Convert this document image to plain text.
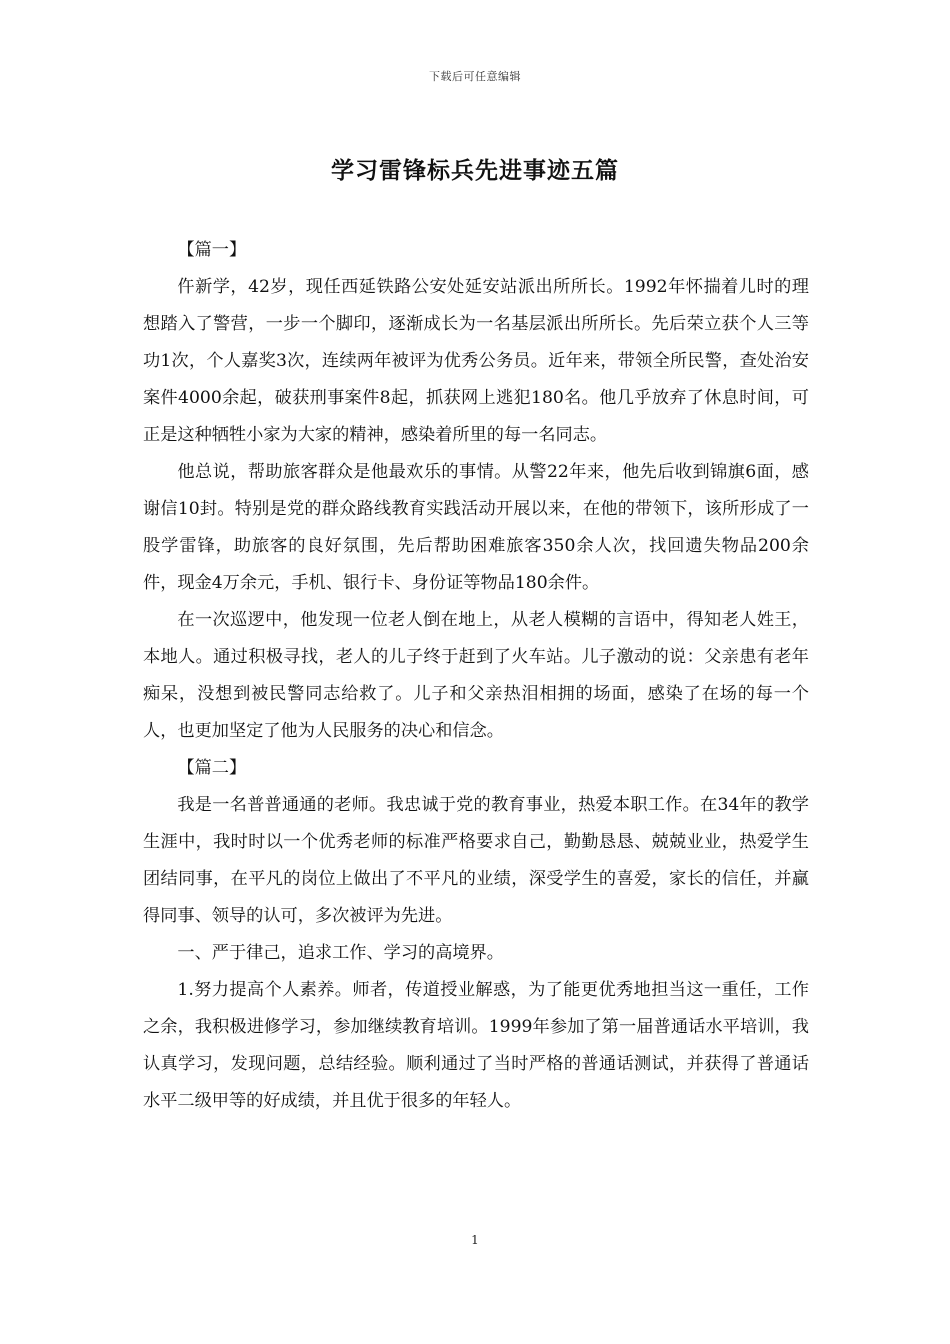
下载后可任意编辑
学习雷锋标兵先进事迹五篇

【篇一】

仵新学，42岁，现任西延铁路公安处延安站派出所所长。1992年怀揣着儿时的理想踏入了警营，一步一个脚印，逐渐成长为一名基层派出所所长。先后荣立获个人三等功1次，个人嘉奖3次，连续两年被评为优秀公务员。近年来，带领全所民警，查处治安案件4000余起，破获刑事案件8起，抓获网上逃犯180名。他几乎放弃了休息时间，可正是这种牺牲小家为大家的精神，感染着所里的每一名同志。

他总说，帮助旅客群众是他最欢乐的事情。从警22年来，他先后收到锦旗6面，感谢信10封。特别是党的群众路线教育实践活动开展以来，在他的带领下，该所形成了一股学雷锋，助旅客的良好氛围，先后帮助困难旅客350余人次，找回遗失物品200余件，现金4万余元，手机、银行卡、身份证等物品180余件。

在一次巡逻中，他发现一位老人倒在地上，从老人模糊的言语中，得知老人姓王，本地人。通过积极寻找，老人的儿子终于赶到了火车站。儿子激动的说：父亲患有老年痴呆，没想到被民警同志给救了。儿子和父亲热泪相拥的场面，感染了在场的每一个人，也更加坚定了他为人民服务的决心和信念。

【篇二】

我是一名普普通通的老师。我忠诚于党的教育事业，热爱本职工作。在34年的教学生涯中，我时时以一个优秀老师的标准严格要求自己，勤勤恳恳、兢兢业业，热爱学生团结同事，在平凡的岗位上做出了不平凡的业绩，深受学生的喜爱，家长的信任，并赢得同事、领导的认可，多次被评为先进。

一、严于律己，追求工作、学习的高境界。

1.努力提高个人素养。师者，传道授业解惑，为了能更优秀地担当这一重任，工作之余，我积极进修学习，参加继续教育培训。1999年参加了第一届普通话水平培训，我认真学习，发现问题，总结经验。顺利通过了当时严格的普通话测试，并获得了普通话水平二级甲等的好成绩，并且优于很多的年轻人。

1
